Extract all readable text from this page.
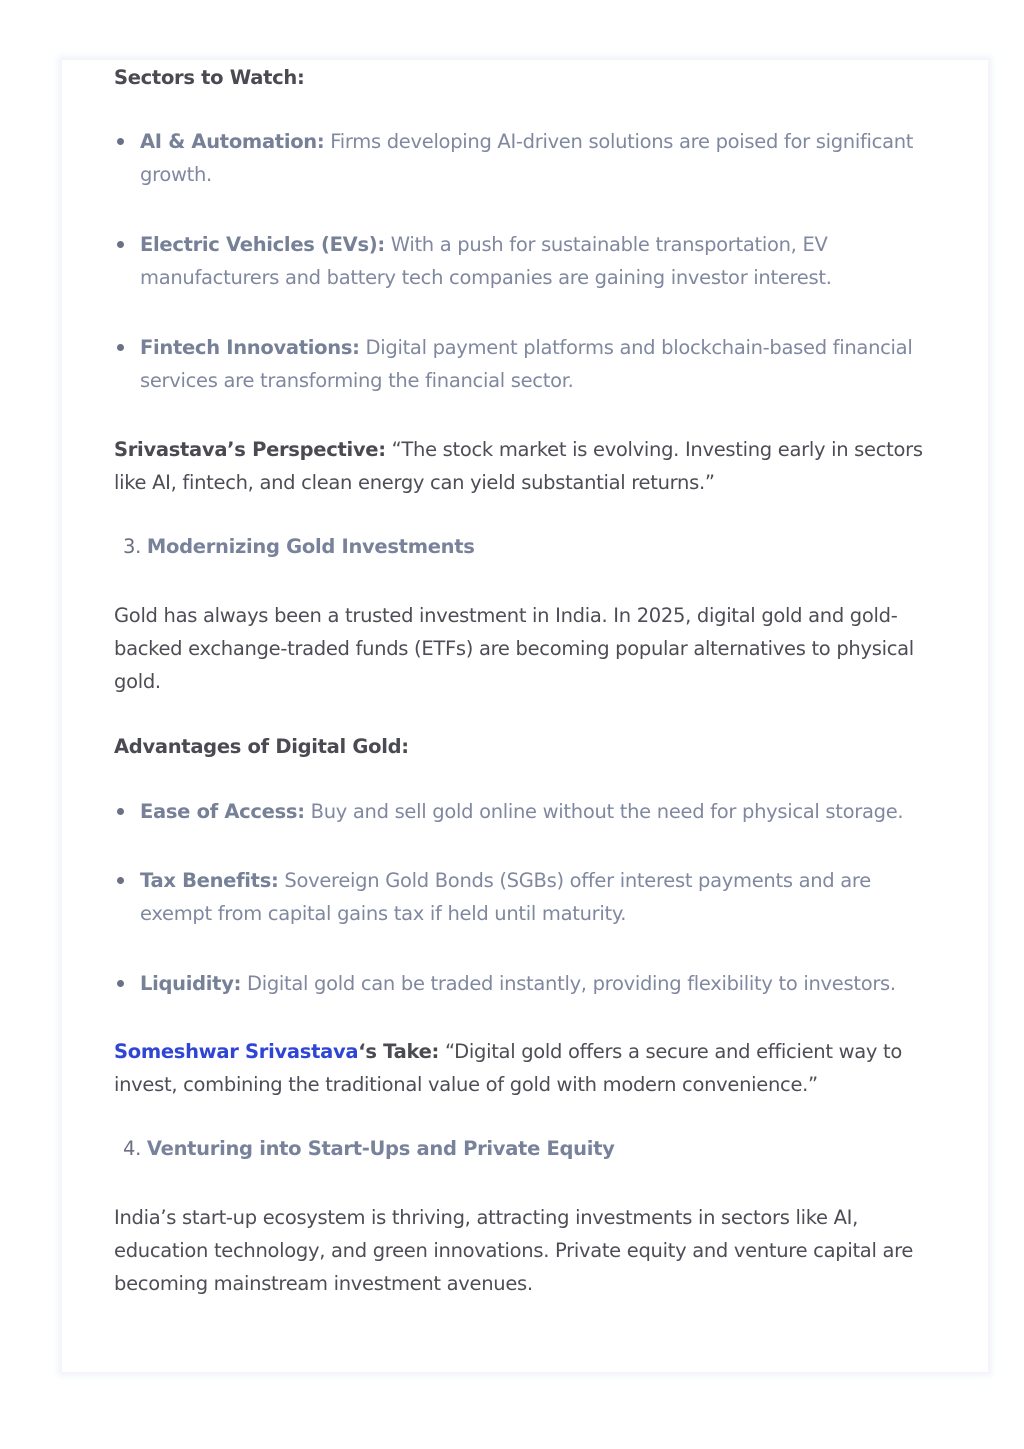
Sectors to Watch:

AI & Automation: Firms developing AI-driven solutions are poised for significant growth.
Electric Vehicles (EVs): With a push for sustainable transportation, EV manufacturers and battery tech companies are gaining investor interest.
Fintech Innovations: Digital payment platforms and blockchain-based financial services are transforming the financial sector.

Srivastava’s Perspective: “The stock market is evolving. Investing early in sectors like AI, fintech, and clean energy can yield substantial returns.”

3. Modernizing Gold Investments

Gold has always been a trusted investment in India. In 2025, digital gold and gold-backed exchange-traded funds (ETFs) are becoming popular alternatives to physical gold.

Advantages of Digital Gold:

Ease of Access: Buy and sell gold online without the need for physical storage.
Tax Benefits: Sovereign Gold Bonds (SGBs) offer interest payments and are exempt from capital gains tax if held until maturity.
Liquidity: Digital gold can be traded instantly, providing flexibility to investors.

Someshwar Srivastava‘s Take: “Digital gold offers a secure and efficient way to invest, combining the traditional value of gold with modern convenience.”

4. Venturing into Start-Ups and Private Equity

India’s start-up ecosystem is thriving, attracting investments in sectors like AI, education technology, and green innovations. Private equity and venture capital are becoming mainstream investment avenues.
